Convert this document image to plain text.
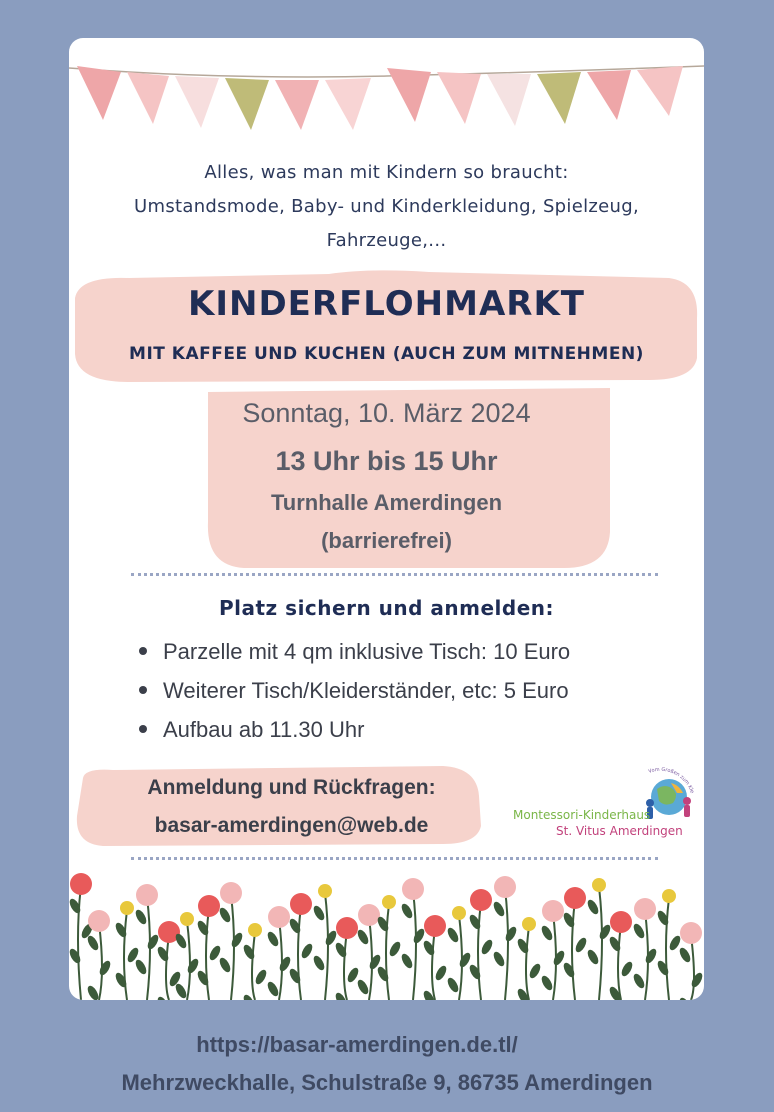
Alles, was man mit Kindern so braucht:
Umstandsmode, Baby- und Kinderkleidung, Spielzeug,
Fahrzeuge,...
KINDERFLOHMARKT
MIT KAFFEE UND KUCHEN (AUCH ZUM MITNEHMEN)
Sonntag, 10. März 2024
13 Uhr bis 15 Uhr
Turnhalle Amerdingen
(barrierefrei)
Platz sichern und anmelden:
Parzelle mit 4 qm inklusive Tisch: 10 Euro
Weiterer Tisch/Kleiderständer, etc: 5 Euro
Aufbau ab 11.30 Uhr
Anmeldung und Rückfragen:
basar-amerdingen@web.de
Vom Großen zum Kle
Montessori-Kinderhaus
St. Vitus Amerdingen
https://basar-amerdingen.de.tl/
Mehrzweckhalle, Schulstraße 9, 86735 Amerdingen
